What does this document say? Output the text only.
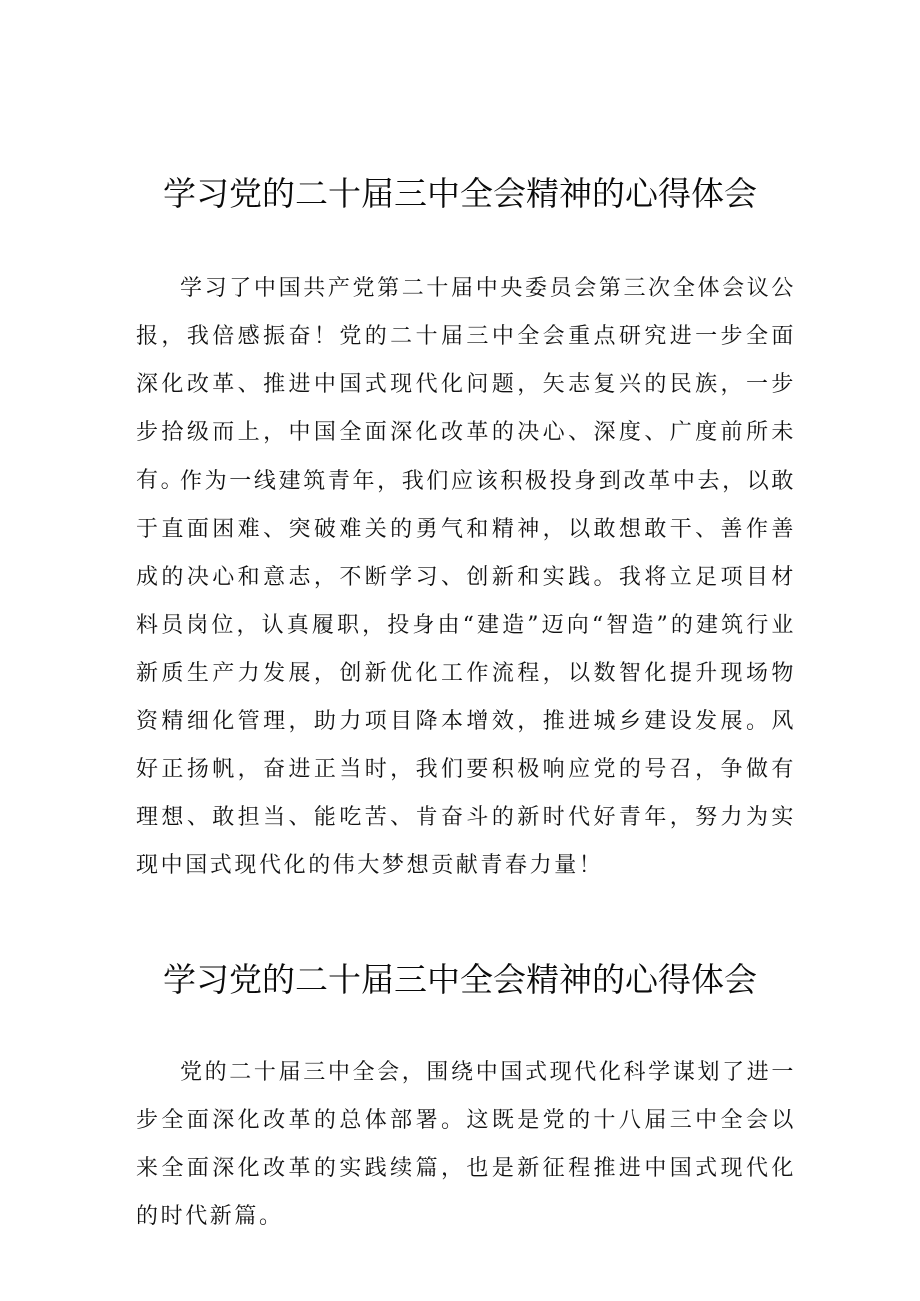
学习党的二十届三中全会精神的心得体会
学习了中国共产党第二十届中央委员会第三次全体会议公报，我倍感振奋！党的二十届三中全会重点研究进一步全面深化改革、推进中国式现代化问题，矢志复兴的民族，一步步拾级而上，中国全面深化改革的决心、深度、广度前所未有。
作为一线建筑青年，我们应该积极投身到改革中去，以敢于直面困难、突破难关的勇气和精神，以敢想敢干、善作善成的决心和意志，不断学习、创新和实践。我将立足项目材料员岗位，认真履职，投身由“建造”迈向“智造”的建筑行业新质生产力发展，创新优化工作流程，以数智化提升现场物资精细化管理，助力项目降本增效，推进城乡建设发展。风好正扬帆，奋进正当时，我们要积极响应党的号召，争做有理想、敢担当、能吃苦、肯奋斗的新时代好青年，努力为实现中国式现代化的伟大梦想贡献青春力量！
学习党的二十届三中全会精神的心得体会
党的二十届三中全会，围绕中国式现代化科学谋划了进一步全面深化改革的总体部署。这既是党的十八届三中全会以来全面深化改革的实践续篇，也是新征程推进中国式现代化的时代新篇。
